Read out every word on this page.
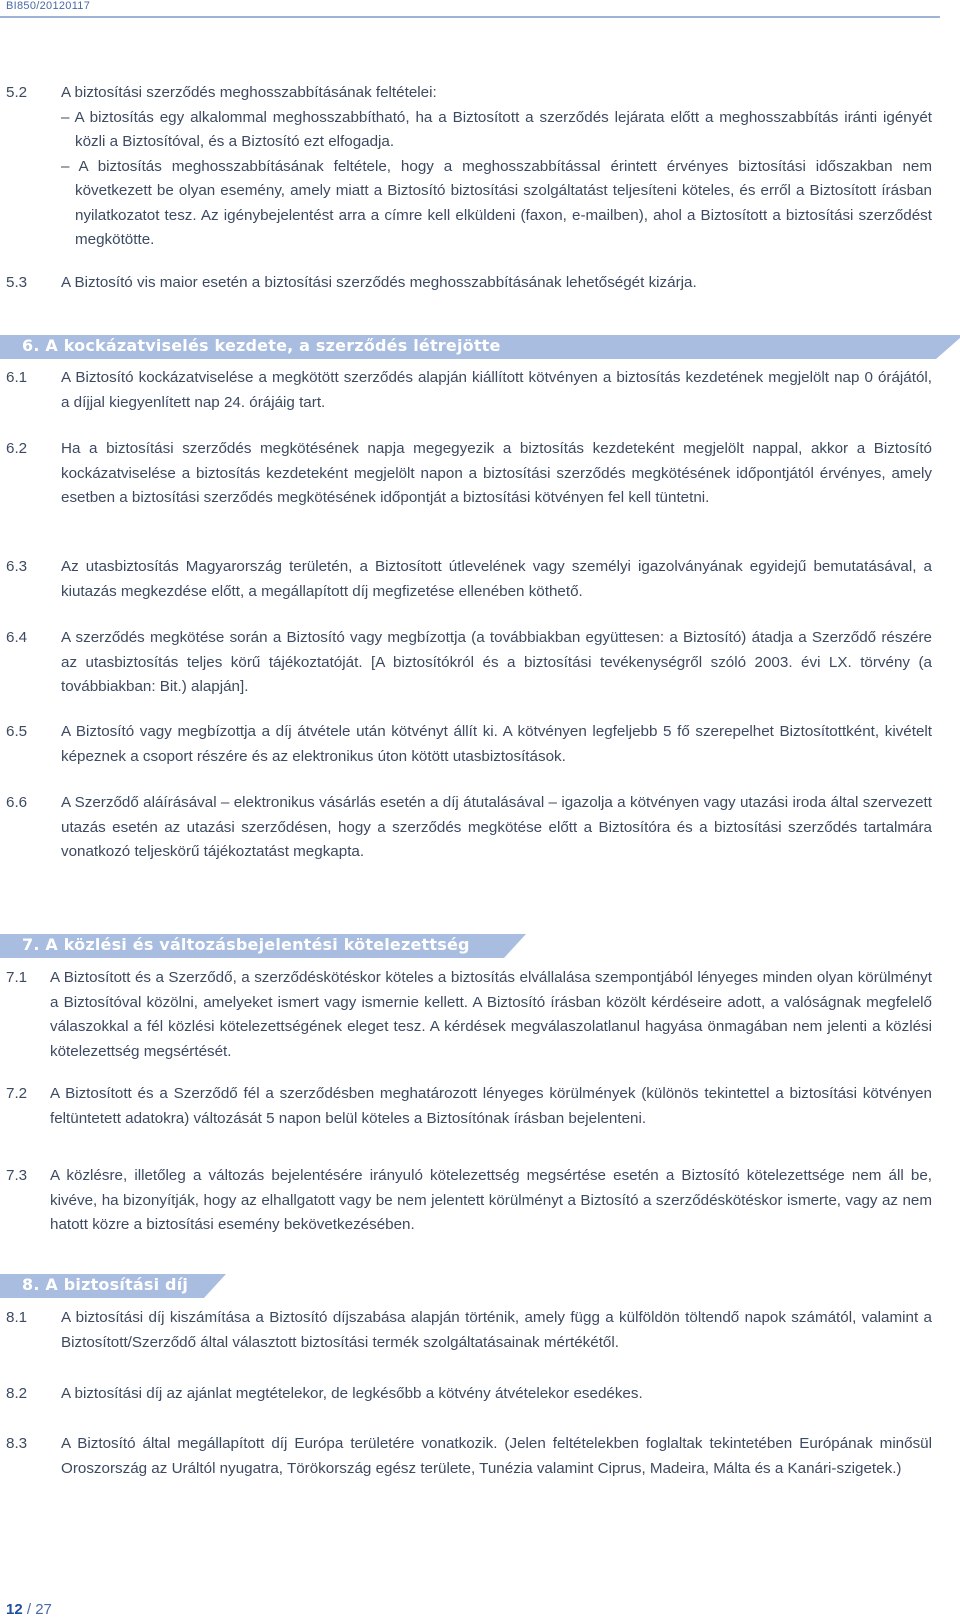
BI850/20120117
5.2 A biztosítási szerződés meghosszabbításának feltételei:
– A biztosítás egy alkalommal meghosszabbítható, ha a Biztosított a szerződés lejárata előtt a meghosszabbítás iránti igényét közli a Biztosítóval, és a Biztosító ezt elfogadja.
– A biztosítás meghosszabbításának feltétele, hogy a meghosszabbítással érintett érvényes biztosítási időszakban nem következett be olyan esemény, amely miatt a Biztosító biztosítási szolgáltatást teljesíteni köteles, és erről a Biztosított írásban nyilatkozatot tesz. Az igénybejelentést arra a címre kell elküldeni (faxon, e-mailben), ahol a Biztosított a biztosítási szerződést megkötötte.
5.3	A Biztosító vis maior esetén a biztosítási szerződés meghosszabbításának lehetőségét kizárja.
6. A kockázatviselés kezdete, a szerződés létrejötte
6.1	A Biztosító kockázatviselése a megkötött szerződés alapján kiállított kötvényen a biztosítás kezdetének megjelölt nap 0 órájától, a díjjal kiegyenlített nap 24. órájáig tart.
6.2	Ha a biztosítási szerződés megkötésének napja megegyezik a biztosítás kezdeteként megjelölt nappal, akkor a Biztosító kockázatviselése a biztosítás kezdeteként megjelölt napon a biztosítási szerződés megkötésének időpontjától érvényes, amely esetben a biztosítási szerződés megkötésének időpontját a biztosítási kötvényen fel kell tüntetni.
6.3	Az utasbiztosítás Magyarország területén, a Biztosított útlevelének vagy személyi igazolványának egyidejű bemutatásával, a kiutazás megkezdése előtt, a megállapított díj megfizetése ellenében köthető.
6.4	A szerződés megkötése során a Biztosító vagy megbízottja (a továbbiakban együttesen: a Biztosító) átadja a Szerződő részére az utasbiztosítás teljes körű tájékoztatóját. [A biztosítókról és a biztosítási tevékenységről szóló 2003. évi LX. törvény (a továbbiakban: Bit.) alapján].
6.5	A Biztosító vagy megbízottja a díj átvétele után kötvényt állít ki. A kötvényen legfeljebb 5 fő szerepelhet Biztosítottként, kivételt képeznek a csoport részére és az elektronikus úton kötött utasbiztosítások.
6.6	A Szerződő aláírásával – elektronikus vásárlás esetén a díj átutalásával – igazolja a kötvényen vagy utazási iroda által szervezett utazás esetén az utazási szerződésen, hogy a szerződés megkötése előtt a Biztosítóra és a biztosítási szerződés tartalmára vonatkozó teljeskörű tájékoztatást megkapta.
7. A közlési és változásbejelentési kötelezettség
7.1	A Biztosított és a Szerződő, a szerződéskötéskor köteles a biztosítás elvállalása szempontjából lényeges minden olyan körülményt a Biztosítóval közölni, amelyeket ismert vagy ismernie kellett. A Biztosító írásban közölt kérdéseire adott, a valóságnak megfelelő válaszokkal a fél közlési kötelezettségének eleget tesz. A kérdések megválaszolatlanul hagyása önmagában nem jelenti a közlési kötelezettség megsértését.
7.2	A Biztosított és a Szerződő fél a szerződésben meghatározott lényeges körülmények (különös tekintettel a biztosítási kötvényen feltüntetett adatokra) változását 5 napon belül köteles a Biztosítónak írásban bejelenteni.
7.3	A közlésre, illetőleg a változás bejelentésére irányuló kötelezettség megsértése esetén a Biztosító kötelezettsége nem áll be, kivéve, ha bizonyítják, hogy az elhallgatott vagy be nem jelentett körülményt a Biztosító a szerződéskötéskor ismerte, vagy az nem hatott közre a biztosítási esemény bekövetkezésében.
8. A biztosítási díj
8.1	A biztosítási díj kiszámítása a Biztosító díjszabása alapján történik, amely függ a külföldön töltendő napok számától, valamint a Biztosított/Szerződő által választott biztosítási termék szolgáltatásainak mértékétől.
8.2	A biztosítási díj az ajánlat megtételekor, de legkésőbb a kötvény átvételekor esedékes.
8.3	A Biztosító által megállapított díj Európa területére vonatkozik. (Jelen feltételekben foglaltak tekintetében Európának minősül Oroszország az Uráltól nyugatra, Törökország egész területe, Tunézia valamint Ciprus, Madeira, Málta és a Kanári-szigetek.)
12 / 27
